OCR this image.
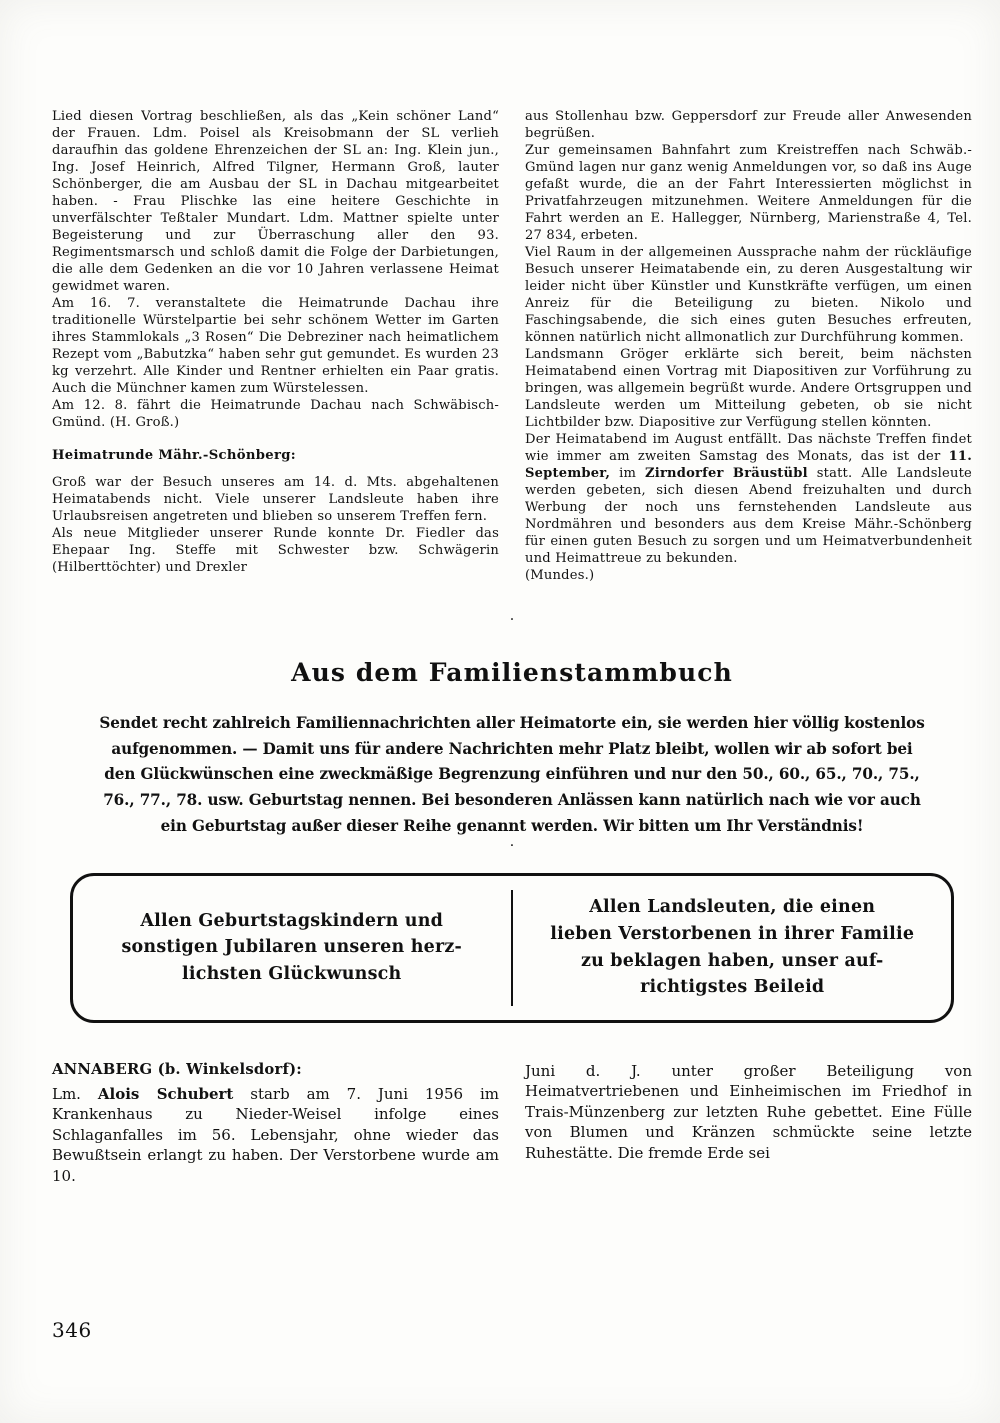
Lied diesen Vortrag beschließen, als das „Kein schöner Land“ der Frauen. Ldm. Poisel als Kreisobmann der SL verlieh daraufhin das goldene Ehrenzeichen der SL an: Ing. Klein jun., Ing. Josef Heinrich, Alfred Tilgner, Hermann Groß, lauter Schönberger, die am Ausbau der SL in Dachau mitgearbeitet haben. - Frau Plischke las eine heitere Geschichte in unverfälschter Teßtaler Mundart. Ldm. Mattner spielte unter Begeisterung und zur Überraschung aller den 93. Regimentsmarsch und schloß damit die Folge der Darbietungen, die alle dem Gedenken an die vor 10 Jahren verlassene Heimat gewidmet waren.

Am 16. 7. veranstaltete die Heimatrunde Dachau ihre traditionelle Würstelpartie bei sehr schönem Wetter im Garten ihres Stammlokals „3 Rosen“ Die Debreziner nach heimatlichem Rezept vom „Babutzka“ haben sehr gut gemundet. Es wurden 23 kg verzehrt. Alle Kinder und Rentner erhielten ein Paar gratis. Auch die Münchner kamen zum Würstelessen.

Am 12. 8. fährt die Heimatrunde Dachau nach Schwäbisch-Gmünd. (H. Groß.)

Heimatrunde Mähr.-Schönberg:

Groß war der Besuch unseres am 14. d. Mts. abgehaltenen Heimatabends nicht. Viele unserer Landsleute haben ihre Urlaubsreisen angetreten und blieben so unserem Treffen fern.

Als neue Mitglieder unserer Runde konnte Dr. Fiedler das Ehepaar Ing. Steffe mit Schwester bzw. Schwägerin (Hilberttöchter) und Drexler

aus Stollenhau bzw. Geppersdorf zur Freude aller Anwesenden begrüßen.

Zur gemeinsamen Bahnfahrt zum Kreistreffen nach Schwäb.-Gmünd lagen nur ganz wenig Anmeldungen vor, so daß ins Auge gefaßt wurde, die an der Fahrt Interessierten möglichst in Privatfahrzeugen mitzunehmen. Weitere Anmeldungen für die Fahrt werden an E. Hallegger, Nürnberg, Marienstraße 4, Tel. 27 834, erbeten.

Viel Raum in der allgemeinen Aussprache nahm der rückläufige Besuch unserer Heimatabende ein, zu deren Ausgestaltung wir leider nicht über Künstler und Kunstkräfte verfügen, um einen Anreiz für die Beteiligung zu bieten. Nikolo und Faschingsabende, die sich eines guten Besuches erfreuten, können natürlich nicht allmonatlich zur Durchführung kommen.

Landsmann Gröger erklärte sich bereit, beim nächsten Heimatabend einen Vortrag mit Diapositiven zur Vorführung zu bringen, was allgemein begrüßt wurde. Andere Ortsgruppen und Landsleute werden um Mitteilung gebeten, ob sie nicht Lichtbilder bzw. Diapositive zur Verfügung stellen könnten.

Der Heimatabend im August entfällt. Das nächste Treffen findet wie immer am zweiten Samstag des Monats, das ist der 11. September, im Zirndorfer Bräustübl statt. Alle Landsleute werden gebeten, sich diesen Abend freizuhalten und durch Werbung der noch uns fernstehenden Landsleute aus Nordmähren und besonders aus dem Kreise Mähr.-Schönberg für einen guten Besuch zu sorgen und um Heimatverbundenheit und Heimattreue zu bekunden.

(Mundes.)

·
Aus dem Familienstammbuch
Sendet recht zahlreich Familiennachrichten aller Heimatorte ein, sie werden hier völlig kostenlos
aufgenommen. — Damit uns für andere Nachrichten mehr Platz bleibt, wollen wir ab sofort bei
den Glückwünschen eine zweckmäßige Begrenzung einführen und nur den 50., 60., 65., 70., 75.,
76., 77., 78. usw. Geburtstag nennen. Bei besonderen Anlässen kann natürlich nach wie vor auch
ein Geburtstag außer dieser Reihe genannt werden. Wir bitten um Ihr Verständnis!
·
Allen Geburtstagskindern und
sonstigen Jubilaren unseren herz-
lichsten Glückwunsch
Allen Landsleuten, die einen
lieben Verstorbenen in ihrer Familie
zu beklagen haben, unser auf-
richtigstes Beileid
ANNABERG (b. Winkelsdorf):

Lm. Alois Schubert starb am 7. Juni 1956 im Krankenhaus zu Nieder-Weisel infolge eines Schlaganfalles im 56. Lebensjahr, ohne wieder das Bewußtsein erlangt zu haben. Der Verstorbene wurde am 10.

Juni d. J. unter großer Beteiligung von Heimatvertriebenen und Einheimischen im Friedhof in Trais-Münzenberg zur letzten Ruhe gebettet. Eine Fülle von Blumen und Kränzen schmückte seine letzte Ruhestätte. Die fremde Erde sei

346
